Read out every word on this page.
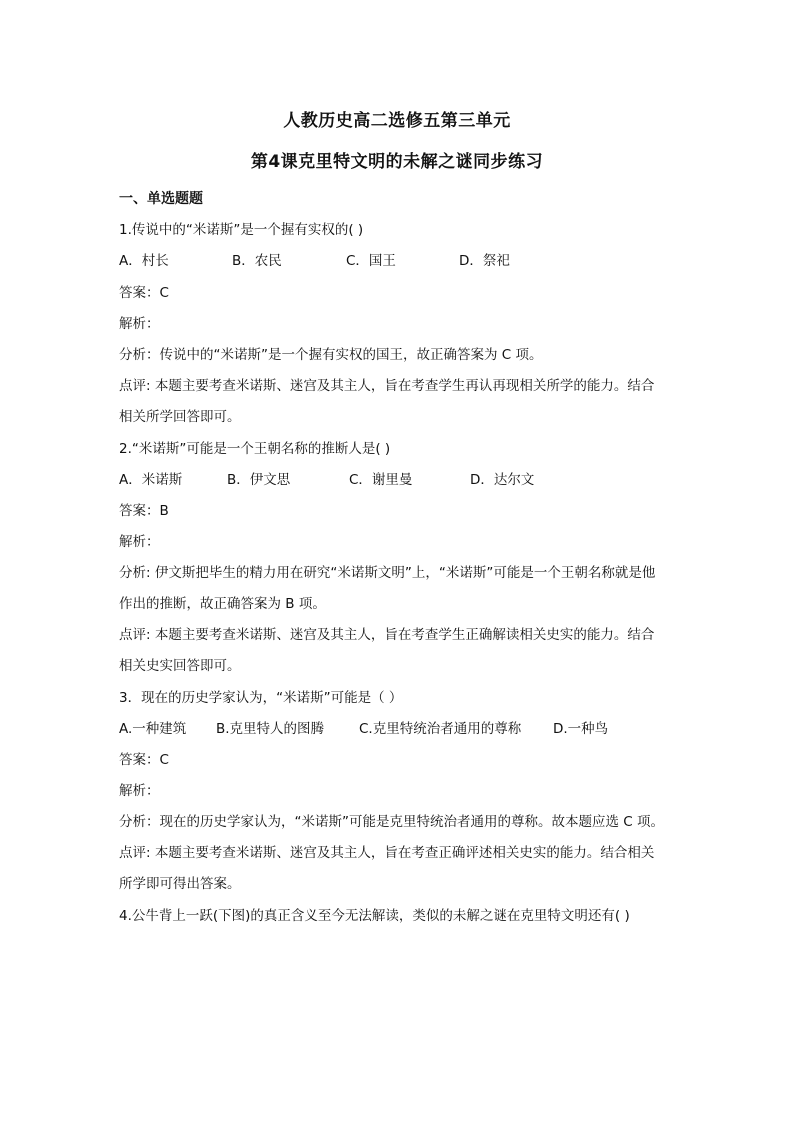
人教历史高二选修五第三单元
第4课克里特文明的未解之谜同步练习
一、单选题题
1.传说中的“米诺斯”是一个握有实权的( )
A．村长	B．农民	C．国王	D．祭祀
答案：C
解析：
分析：传说中的“米诺斯”是一个握有实权的国王，故正确答案为 C 项。
点评: 本题主要考查米诺斯、迷宫及其主人，旨在考查学生再认再现相关所学的能力。结合
相关所学回答即可。
2.“米诺斯”可能是一个王朝名称的推断人是( )
A．米诺斯	B．伊文思	C．谢里曼	D．达尔文
答案：B
解析：
分析: 伊文斯把毕生的精力用在研究“米诺斯文明”上，“米诺斯”可能是一个王朝名称就是他
作出的推断，故正确答案为 B 项。
点评: 本题主要考查米诺斯、迷宫及其主人，旨在考查学生正确解读相关史实的能力。结合
相关史实回答即可。
3．现在的历史学家认为，“米诺斯”可能是（ ）
A.一种建筑 B.克里特人的图腾	C.克里特统治者通用的尊称 D.一种鸟
答案：C
解析：
分析：现在的历史学家认为，“米诺斯”可能是克里特统治者通用的尊称。故本题应选 C 项。
点评: 本题主要考查米诺斯、迷宫及其主人，旨在考查正确评述相关史实的能力。结合相关
所学即可得出答案。
4.公牛背上一跃(下图)的真正含义至今无法解读，类似的未解之谜在克里特文明还有( )
